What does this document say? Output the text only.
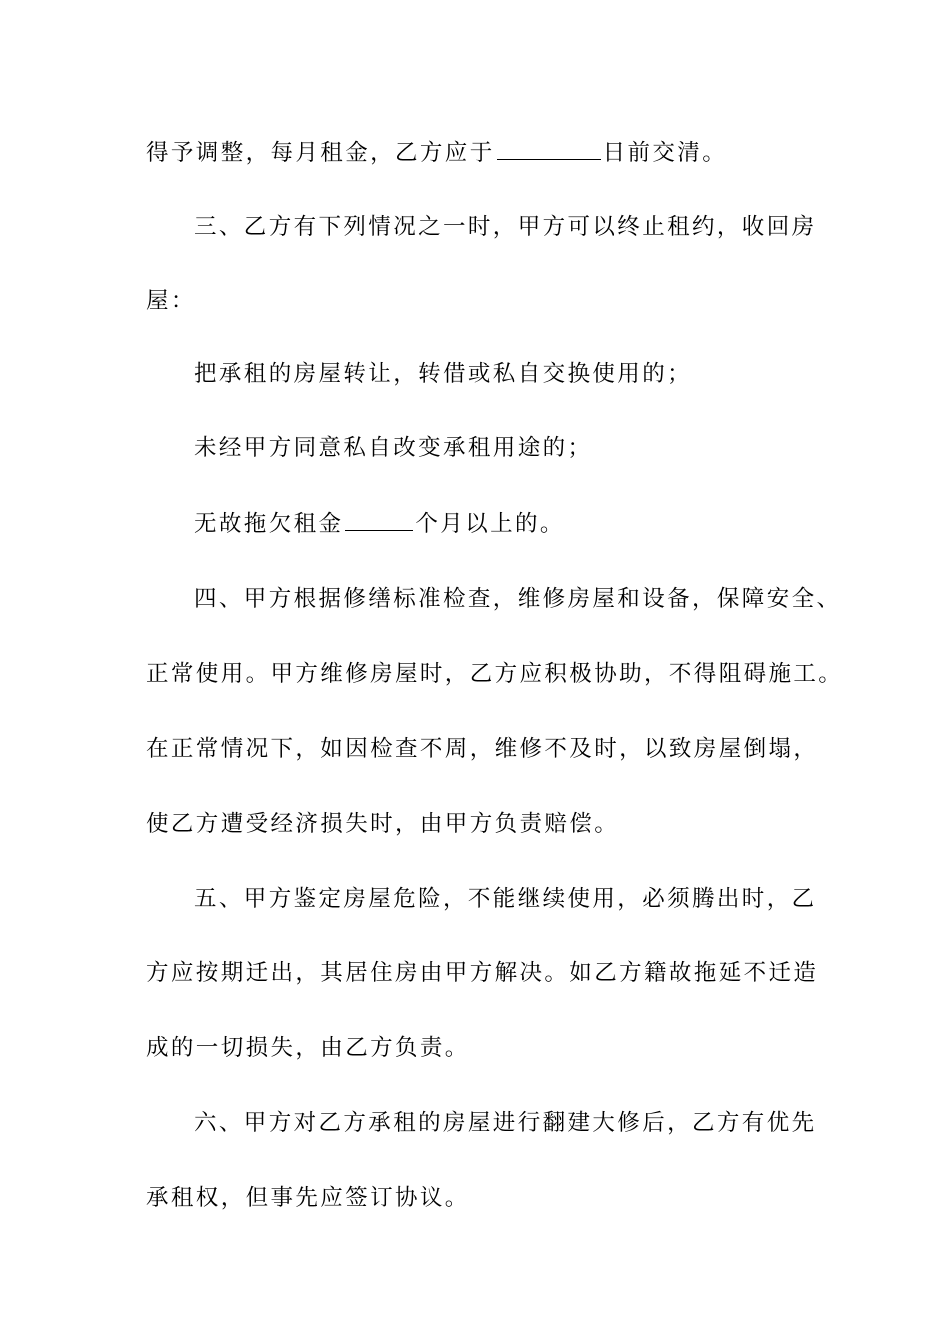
得予调整，每月租金，乙方应于	日前交清。
三、乙方有下列情况之一时，甲方可以终止租约，收回房
屋：
把承租的房屋转让，转借或私自交换使用的；
未经甲方同意私自改变承租用途的；
无故拖欠租金	个月以上的。
四、甲方根据修缮标准检查，维修房屋和设备，保障安全、
正常使用。甲方维修房屋时，乙方应积极协助，不得阻碍施工。
在正常情况下，如因检查不周，维修不及时，以致房屋倒塌，
使乙方遭受经济损失时，由甲方负责赔偿。
五、甲方鉴定房屋危险，不能继续使用，必须腾出时，乙
方应按期迁出，其居住房由甲方解决。如乙方籍故拖延不迁造
成的一切损失，由乙方负责。
六、甲方对乙方承租的房屋进行翻建大修后，乙方有优先
承租权，但事先应签订协议。
